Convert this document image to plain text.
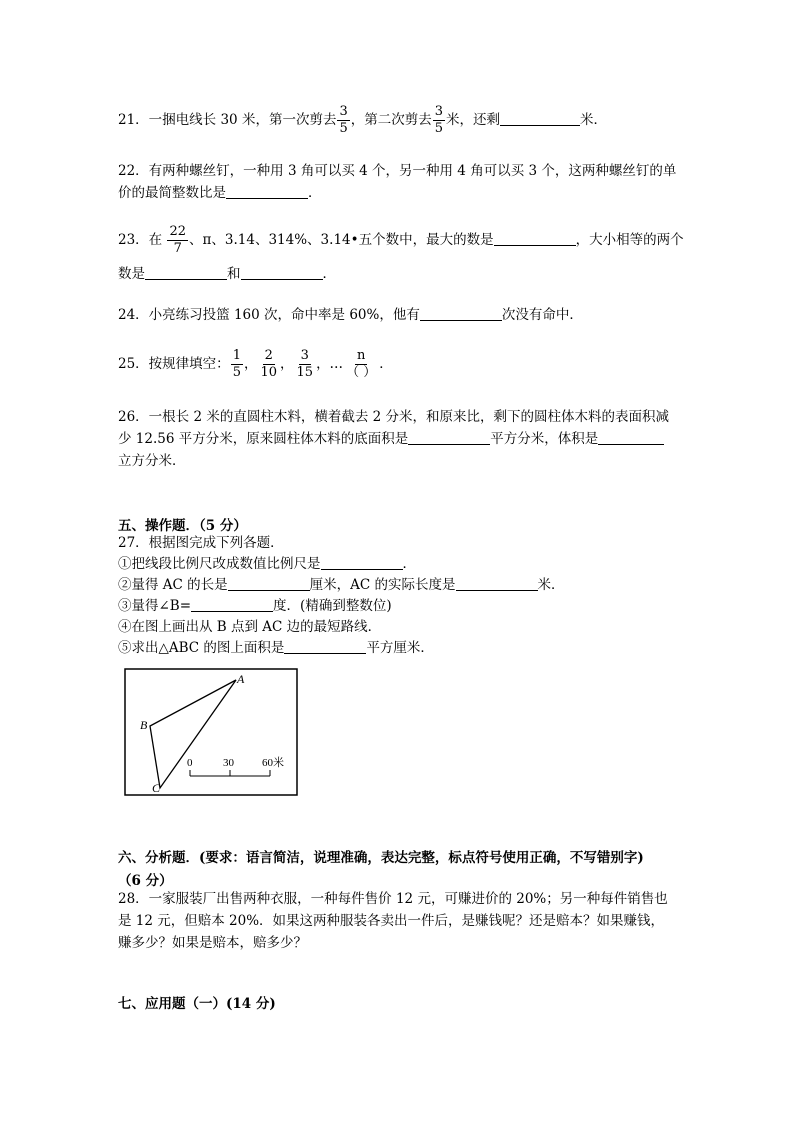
21．一捆电线长 30 米，第一次剪去 $\frac{3}{5}$ ，第二次剪去 $\frac{3}{5}$ 米，还剩	米．
22．有两种螺丝钉，一种用 3 角可以买 4 个，另一种用 4 角可以买 3 个，这两种螺丝钉的单
价的最简整数比是	．
23．在 $\frac{22}{7}$ 、π、3.14、314%、3.14•五个数中，最大的数是	，大小相等的两个
数是	和	．
24．小亮练习投篮 160 次，命中率是 60%，他有	次没有命中．
25．按规律填空： $\frac{1}{5}$ ， $\frac{2}{10}$ ， $\frac{3}{15}$ ，… $\frac{n}{( )}$ ．
26．一根长 2 米的直圆柱木料，横着截去 2 分米，和原来比，剩下的圆柱体木料的表面积减
少 12.56 平方分米，原来圆柱体木料的底面积是	平方分米，体积是
立方分米．
五、操作题．（5 分）
27．根据图完成下列各题．
①把线段比例尺改成数值比例尺是	．
②量得 AC 的长是	厘米，AC 的实际长度是	米．
③量得∠B=	度．(精确到整数位)
④在图上画出从 B 点到 AC 边的最短路线．
⑤求出△ABC 的图上面积是	平方厘米．
A
B
C
0	30	60米
六、分析题．(要求：语言简洁，说理准确，表达完整，标点符号使用正确，不写错别字)
（6 分）
28．一家服装厂出售两种衣服，一种每件售价 12 元，可赚进价的 20%；另一种每件销售也
是 12 元，但赔本 20%．如果这两种服装各卖出一件后，是赚钱呢？还是赔本？如果赚钱，
赚多少？如果是赔本，赔多少？
七、应用题（一）(14 分)
